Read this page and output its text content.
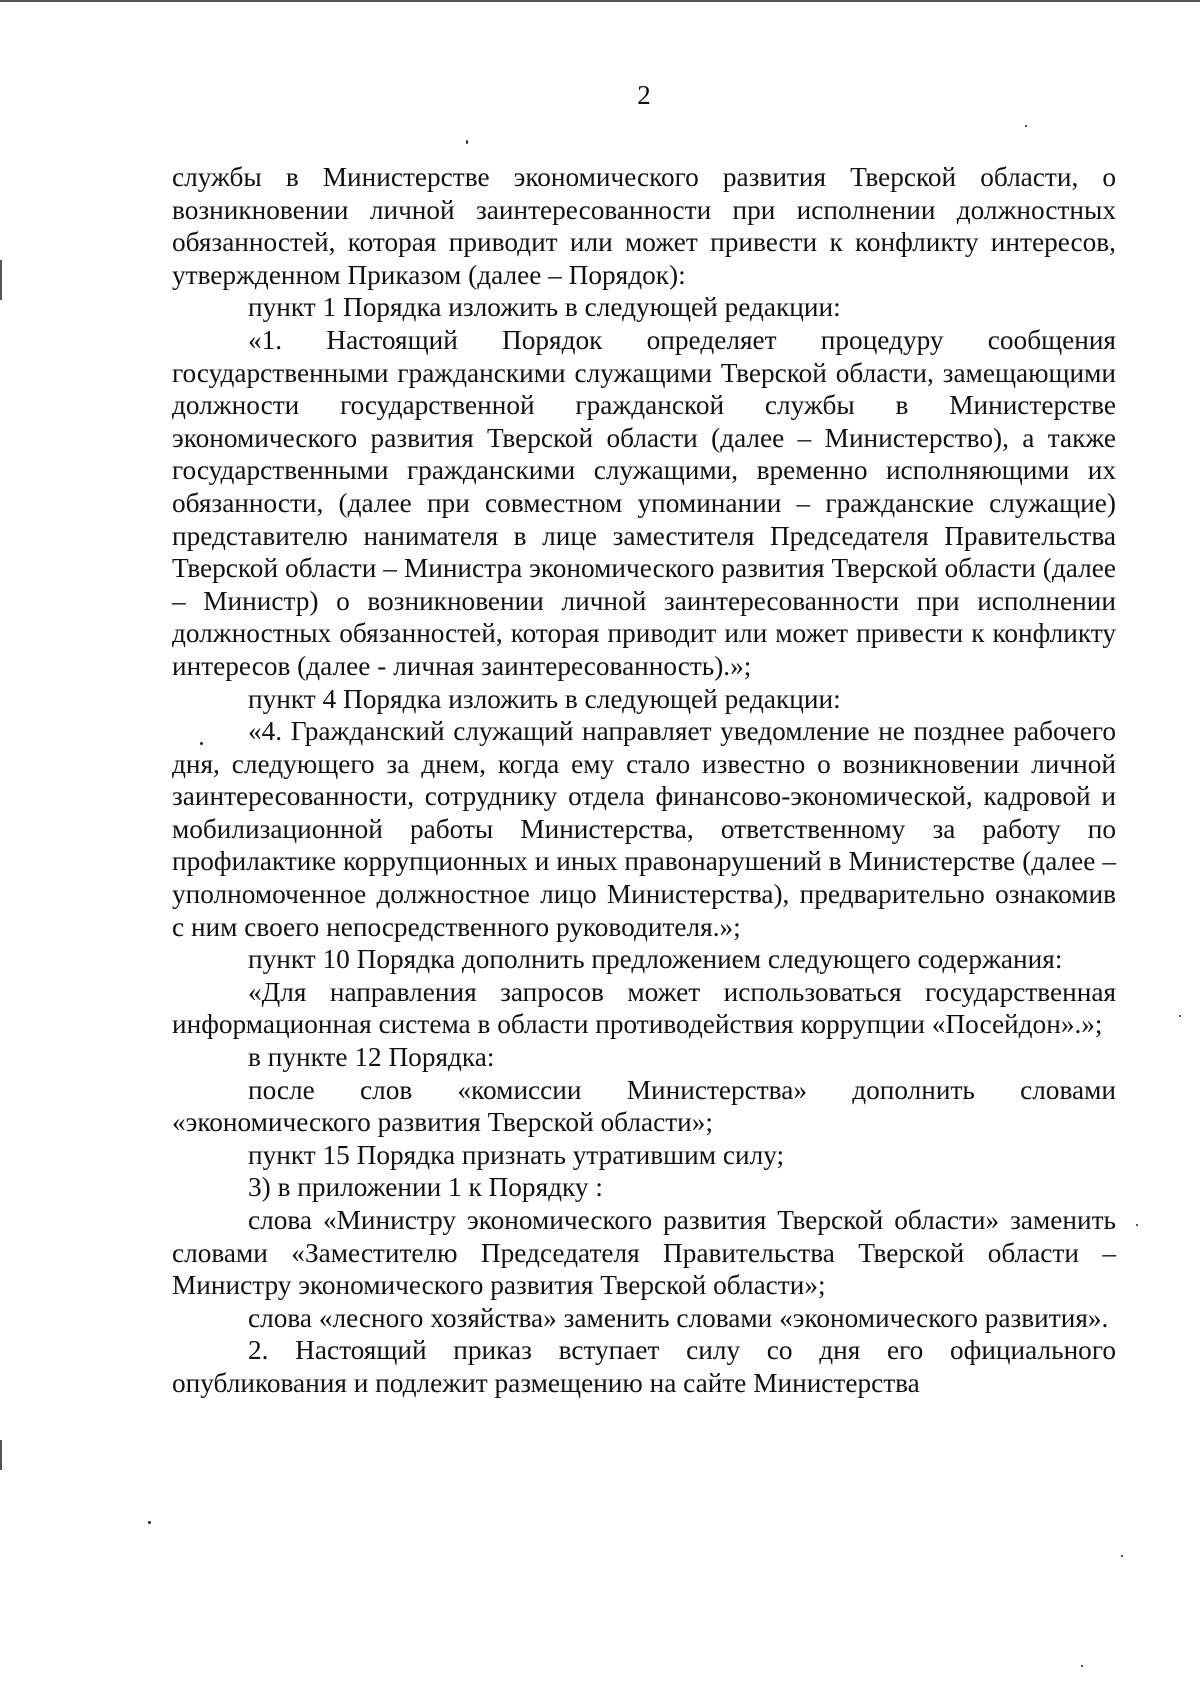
2

службы в Министерстве экономического развития Тверской области, о возникновении личной заинтересованности при исполнении должностных обязанностей, которая приводит или может привести к конфликту интересов, утвержденном Приказом (далее – Порядок):

пункт 1 Порядка изложить в следующей редакции:

«1. Настоящий Порядок определяет процедуру сообщения государственными гражданскими служащими Тверской области, замещающими должности государственной гражданской службы в Министерстве экономического развития Тверской области (далее – Министерство), а также государственными гражданскими служащими, временно исполняющими их обязанности, (далее при совместном упоминании – гражданские служащие) представителю нанимателя в лице заместителя Председателя Правительства Тверской области – Министра экономического развития Тверской области (далее – Министр) о возникновении личной заинтересованности при исполнении должностных обязанностей, которая приводит или может привести к конфликту интересов (далее - личная заинтересованность).»;

пункт 4 Порядка изложить в следующей редакции:

«4. Гражданский служащий направляет уведомление не позднее рабочего дня, следующего за днем, когда ему стало известно о возникновении личной заинтересованности, сотруднику отдела финансово-экономической, кадровой и мобилизационной работы Министерства, ответственному за работу по профилактике коррупционных и иных правонарушений в Министерстве (далее – уполномоченное должностное лицо Министерства), предварительно ознакомив с ним своего непосредственного руководителя.»;

пункт 10 Порядка дополнить предложением следующего содержания:

«Для направления запросов может использоваться государственная информационная система в области противодействия коррупции «Посейдон».»;

в пункте 12 Порядка:

после слов «комиссии Министерства» дополнить словами «экономического развития Тверской области»;

пункт 15 Порядка признать утратившим силу;

3) в приложении 1 к Порядку :

слова «Министру экономического развития Тверской области» заменить словами «Заместителю Председателя Правительства Тверской области – Министру экономического развития Тверской области»;

слова «лесного хозяйства» заменить словами «экономического развития».

2. Настоящий приказ вступает силу со дня его официального опубликования и подлежит размещению на сайте Министерства
